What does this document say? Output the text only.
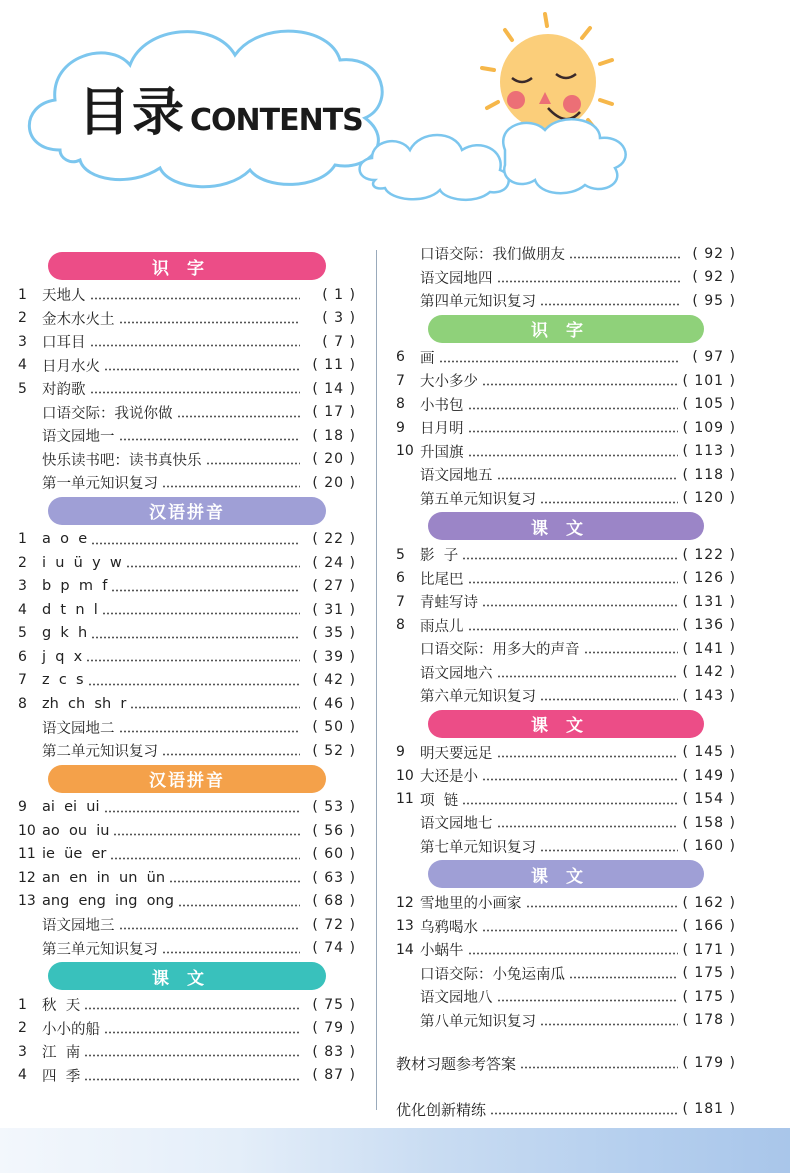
目录 CONTENTS
识字
1	天地人	( 1 )
2	金木水火土	( 3 )
3	口耳目	( 7 )
4	日月水火	( 11 )
5	对韵歌	( 14 )
口语交际：我说你做	( 17 )
语文园地一	( 18 )
快乐读书吧：读书真快乐	( 20 )
第一单元知识复习	( 20 )
汉语拼音
1	a  o  e	( 22 )
2	i  u  ü  y  w	( 24 )
3	b  p  m  f	( 27 )
4	d  t  n  l	( 31 )
5	g  k  h	( 35 )
6	j  q  x	( 39 )
7	z  c  s	( 42 )
8	zh  ch  sh  r	( 46 )
语文园地二	( 50 )
第二单元知识复习	( 52 )
汉语拼音
9	ai  ei  ui	( 53 )
10 ao  ou  iu	( 56 )
11 ie  üe  er	( 60 )
12 an  en  in  un  ün	( 63 )
13 ang  eng  ing  ong	( 68 )
语文园地三	( 72 )
第三单元知识复习	( 74 )
课文
1	秋  天	( 75 )
2	小小的船	( 79 )
3	江  南	( 83 )
4	四  季	( 87 )
口语交际：我们做朋友	( 92 )
语文园地四	( 92 )
第四单元知识复习	( 95 )
识字
6	画	( 97 )
7	大小多少	( 101 )
8	小书包	( 105 )
9	日月明	( 109 )
10 升国旗	( 113 )
语文园地五	( 118 )
第五单元知识复习	( 120 )
课文
5	影  子	( 122 )
6	比尾巴	( 126 )
7	青蛙写诗	( 131 )
8	雨点儿	( 136 )
口语交际：用多大的声音	( 141 )
语文园地六	( 142 )
第六单元知识复习	( 143 )
课文
9	明天要远足	( 145 )
10 大还是小	( 149 )
11 项  链	( 154 )
语文园地七	( 158 )
第七单元知识复习	( 160 )
课文
12 雪地里的小画家	( 162 )
13 乌鸦喝水	( 166 )
14 小蜗牛	( 171 )
口语交际：小兔运南瓜	( 175 )
语文园地八	( 175 )
第八单元知识复习	( 178 )
教材习题参考答案	( 179 )
优化创新精练	( 181 )
